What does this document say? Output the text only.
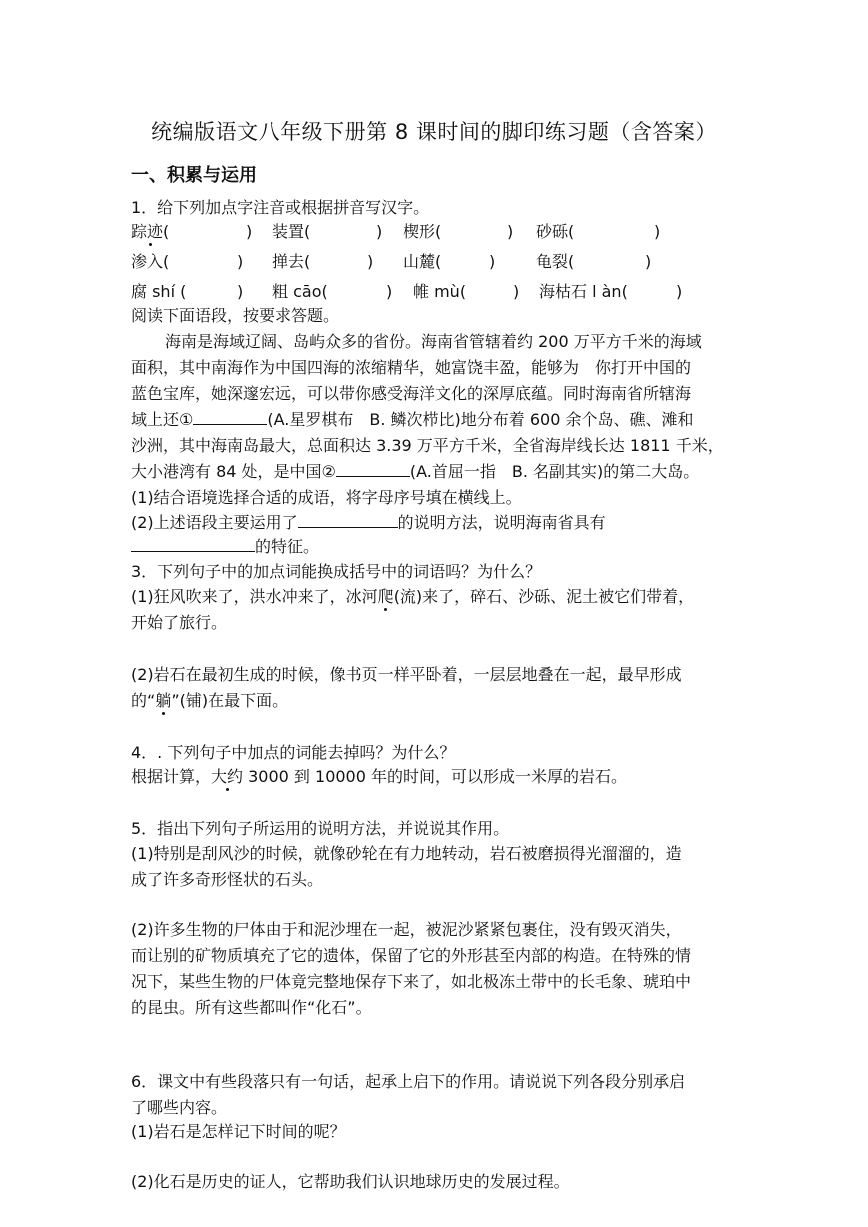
统编版语文八年级下册第 8 课时间的脚印练习题（含答案）
一、积累与运用
1．给下列加点字注音或根据拼音写汉字。
踪迹(	) 装置(	) 楔形(	) 砂砾(	)
渗入(	) 掸去(	) 山麓(	)	龟裂(	)
腐 shí (	) 粗 cāo(	) 帷 mù(	) 海枯石 l àn(	)
阅读下面语段，按要求答题。
海南是海域辽阔、岛屿众多的省份。海南省管辖着约 200 万平方千米的海域
面积，其中南海作为中国四海的浓缩精华，她富饶丰盈，能够为　你打开中国的
蓝色宝库，她深邃宏远，可以带你感受海洋文化的深厚底蕴。同时海南省所辖海
域上还①	(A.星罗棋布　B. 鳞次栉比)地分布着 600 余个岛、礁、滩和
沙洲，其中海南岛最大，总面积达 3.39 万平方千米，全省海岸线长达 1811 千米，
大小港湾有 84 处，是中国②	(A.首屈一指　B. 名副其实)的第二大岛。
(1)结合语境选择合适的成语，将字母序号填在横线上。
(2)上述语段主要运用了	的说明方法，说明海南省具有
的特征。
3．下列句子中的加点词能换成括号中的词语吗？为什么？
(1)狂风吹来了，洪水冲来了，冰河爬(流)来了，碎石、沙砾、泥土被它们带着，
开始了旅行。
(2)岩石在最初生成的时候，像书页一样平卧着，一层层地叠在一起，最早形成
的“躺”(铺)在最下面。
4．. 下列句子中加点的词能去掉吗？为什么？
根据计算，大约 3000 到 10000 年的时间，可以形成一米厚的岩石。
5．指出下列句子所运用的说明方法，并说说其作用。
(1)特别是刮风沙的时候，就像砂轮在有力地转动，岩石被磨损得光溜溜的，造
成了许多奇形怪状的石头。
(2)许多生物的尸体由于和泥沙埋在一起，被泥沙紧紧包裹住，没有毁灭消失，
而让别的矿物质填充了它的遗体，保留了它的外形甚至内部的构造。在特殊的情
况下，某些生物的尸体竟完整地保存下来了，如北极冻土带中的长毛象、琥珀中
的昆虫。所有这些都叫作“化石”。
6．课文中有些段落只有一句话，起承上启下的作用。请说说下列各段分别承启
了哪些内容。
(1)岩石是怎样记下时间的呢？
(2)化石是历史的证人，它帮助我们认识地球历史的发展过程。
